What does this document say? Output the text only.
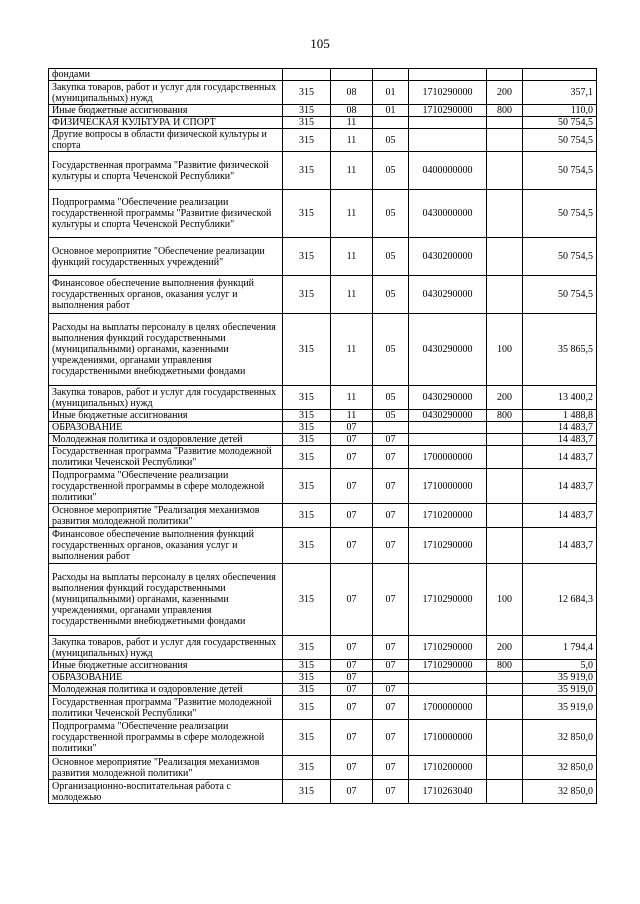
105
фондами						
Закупка товаров, работ и услуг для государственных (муниципальных) нужд	315	08	01	1710290000	200	357,1
Иные бюджетные ассигнования	315	08	01	1710290000	800	110,0
ФИЗИЧЕСКАЯ КУЛЬТУРА И СПОРТ	315	11				50 754,5
Другие вопросы в области физической культуры и спорта	315	11	05			50 754,5
Государственная программа "Развитие физической культуры и спорта Чеченской Республики"	315	11	05	0400000000		50 754,5
Подпрограмма "Обеспечение реализации государственной программы "Развитие физической культуры и спорта Чеченской Республики"	315	11	05	0430000000		50 754,5
Основное мероприятие "Обеспечение реализации функций государственных учреждений"	315	11	05	0430200000		50 754,5
Финансовое обеспечение выполнения функций государственных органов, оказания услуг и выполнения работ	315	11	05	0430290000		50 754,5
Расходы на выплаты персоналу в целях обеспечения выполнения функций государственными (муниципальными) органами, казенными учреждениями, органами управления государственными внебюджетными фондами	315	11	05	0430290000	100	35 865,5
Закупка товаров, работ и услуг для государственных (муниципальных) нужд	315	11	05	0430290000	200	13 400,2
Иные бюджетные ассигнования	315	11	05	0430290000	800	1 488,8
ОБРАЗОВАНИЕ	315	07				14 483,7
Молодежная политика и оздоровление детей	315	07	07			14 483,7
Государственная программа "Развитие молодежной политики Чеченской Республики"	315	07	07	1700000000		14 483,7
Подпрограмма "Обеспечение реализации государственной программы в сфере молодежной политики"	315	07	07	1710000000		14 483,7
Основное мероприятие "Реализация механизмов развития молодежной политики"	315	07	07	1710200000		14 483,7
Финансовое обеспечение выполнения функций государственных органов, оказания услуг и выполнения работ	315	07	07	1710290000		14 483,7
Расходы на выплаты персоналу в целях обеспечения выполнения функций государственными (муниципальными) органами, казенными учреждениями, органами управления государственными внебюджетными фондами	315	07	07	1710290000	100	12 684,3
Закупка товаров, работ и услуг для государственных (муниципальных) нужд	315	07	07	1710290000	200	1 794,4
Иные бюджетные ассигнования	315	07	07	1710290000	800	5,0
ОБРАЗОВАНИЕ	315	07				35 919,0
Молодежная политика и оздоровление детей	315	07	07			35 919,0
Государственная программа "Развитие молодежной политики Чеченской Республики"	315	07	07	1700000000		35 919,0
Подпрограмма "Обеспечение реализации государственной программы в сфере молодежной политики"	315	07	07	1710000000		32 850,0
Основное мероприятие "Реализация механизмов развития молодежной политики"	315	07	07	1710200000		32 850,0
Организационно-воспитательная работа с молодежью	315	07	07	1710263040		32 850,0
